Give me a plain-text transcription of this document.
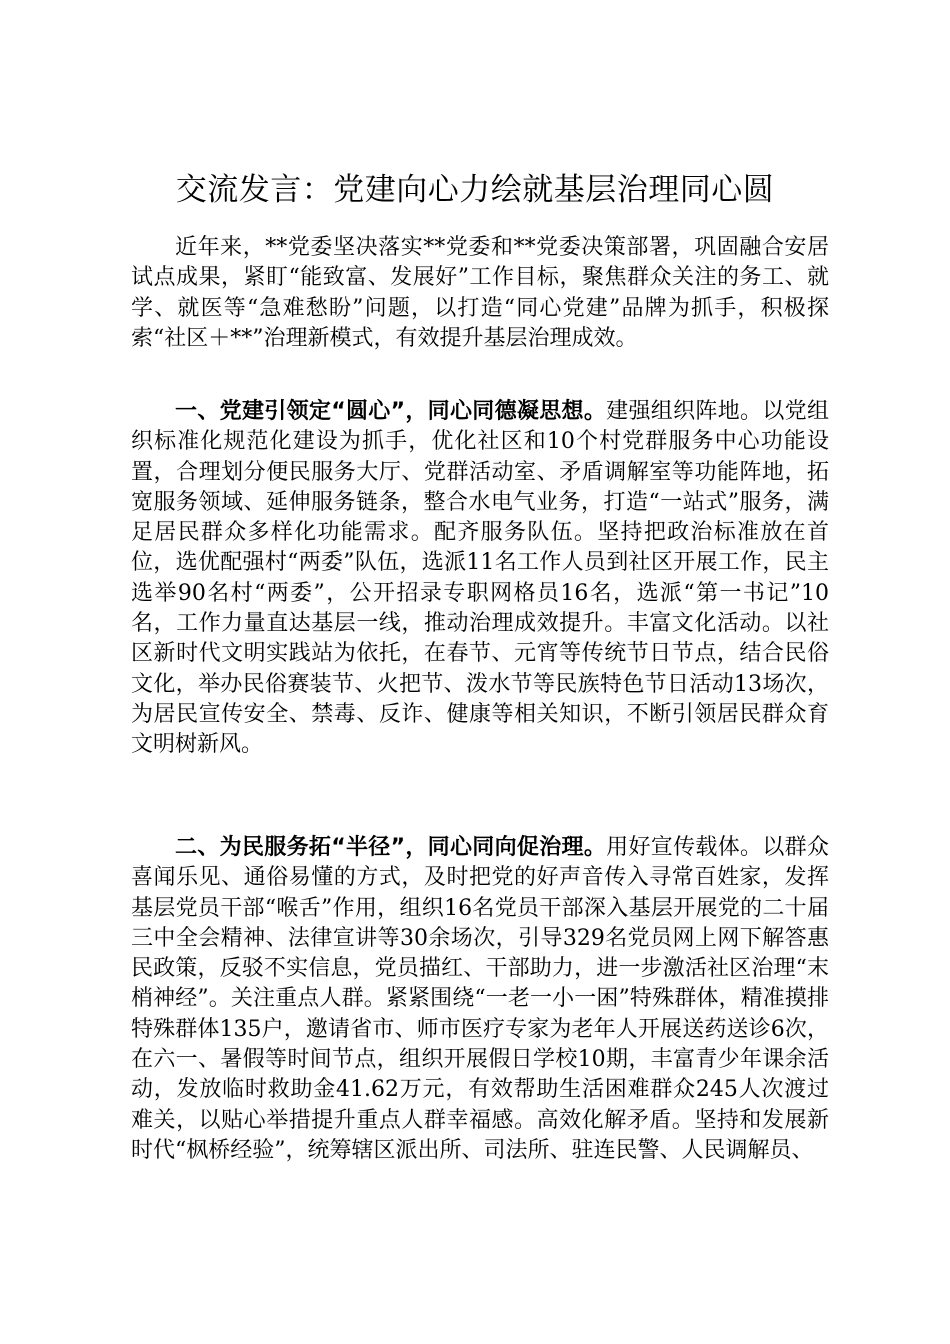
交流发言：党建向心力绘就基层治理同心圆

近年来，**党委坚决落实**党委和**党委决策部署，巩固融合安居试点成果，紧盯“能致富、发展好”工作目标，聚焦群众关注的务工、就学、就医等“急难愁盼”问题，以打造“同心党建”品牌为抓手，积极探索“社区＋**”治理新模式，有效提升基层治理成效。

一、党建引领定“圆心”，同心同德凝思想。建强组织阵地。以党组织标准化规范化建设为抓手，优化社区和10个村党群服务中心功能设置，合理划分便民服务大厅、党群活动室、矛盾调解室等功能阵地，拓宽服务领域、延伸服务链条，整合水电气业务，打造“一站式”服务，满足居民群众多样化功能需求。配齐服务队伍。坚持把政治标准放在首位，选优配强村“两委”队伍，选派11名工作人员到社区开展工作，民主选举90名村“两委”，公开招录专职网格员16名，选派“第一书记”10名，工作力量直达基层一线，推动治理成效提升。丰富文化活动。以社区新时代文明实践站为依托，在春节、元宵等传统节日节点，结合民俗文化，举办民俗赛装节、火把节、泼水节等民族特色节日活动13场次，为居民宣传安全、禁毒、反诈、健康等相关知识，不断引领居民群众育文明树新风。

二、为民服务拓“半径”，同心同向促治理。用好宣传载体。以群众喜闻乐见、通俗易懂的方式，及时把党的好声音传入寻常百姓家，发挥基层党员干部“喉舌”作用，组织16名党员干部深入基层开展党的二十届三中全会精神、法律宣讲等30余场次，引导329名党员网上网下解答惠民政策，反驳不实信息，党员描红、干部助力，进一步激活社区治理“末梢神经”。关注重点人群。紧紧围绕“一老一小一困”特殊群体，精准摸排特殊群体135户，邀请省市、师市医疗专家为老年人开展送药送诊6次，在六一、暑假等时间节点，组织开展假日学校10期，丰富青少年课余活动，发放临时救助金41.62万元，有效帮助生活困难群众245人次渡过难关，以贴心举措提升重点人群幸福感。高效化解矛盾。坚持和发展新时代“枫桥经验”，统筹辖区派出所、司法所、驻连民警、人民调解员、
